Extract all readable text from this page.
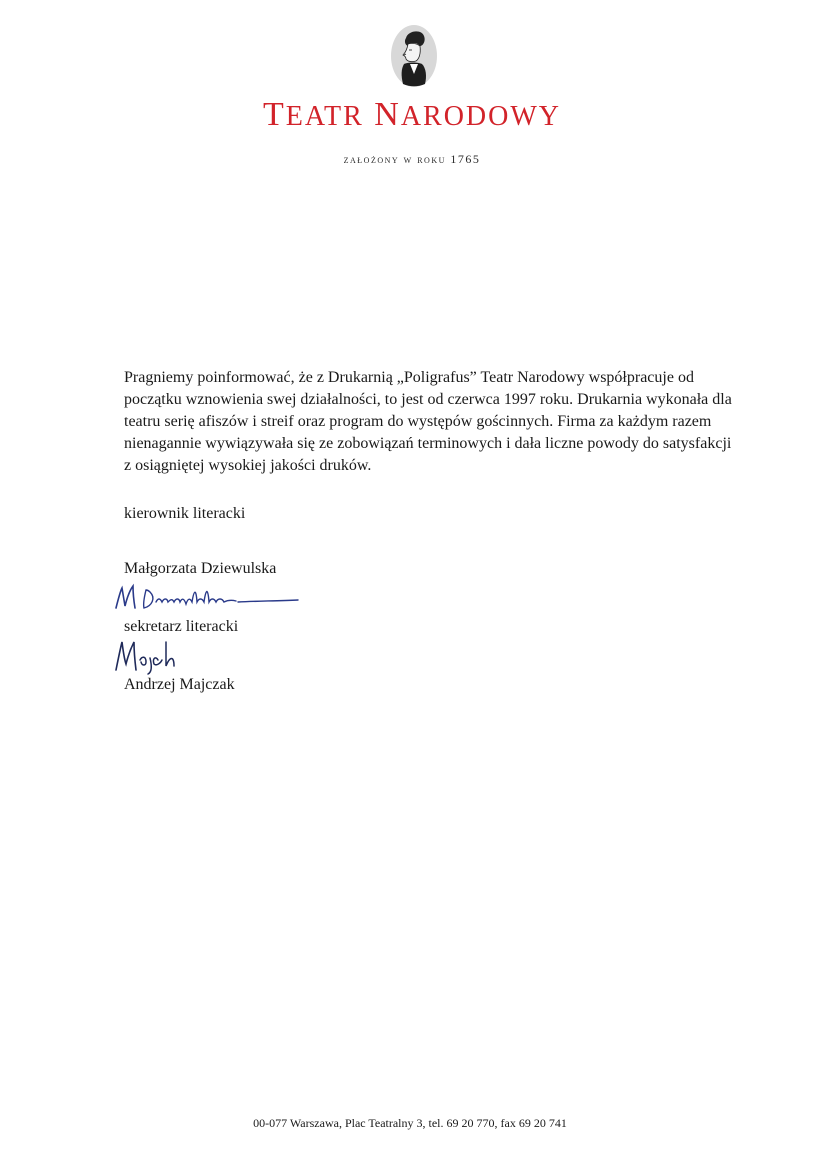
TEATR NARODOWY
założony w roku 1765
Pragniemy poinformować, że z Drukarnią „Poligrafus” Teatr Narodowy współpracuje od
początku wznowienia swej działalności, to jest od czerwca 1997 roku. Drukarnia wykonała dla
teatru serię afiszów i streif oraz program do występów gościnnych. Firma za każdym razem
nienagannie wywiązywała się ze zobowiązań terminowych i dała liczne powody do satysfakcji
z osiągniętej wysokiej jakości druków.
kierownik literacki
Małgorzata Dziewulska
sekretarz literacki
Andrzej Majczak
00-077 Warszawa, Plac Teatralny 3, tel. 69 20 770, fax 69 20 741
